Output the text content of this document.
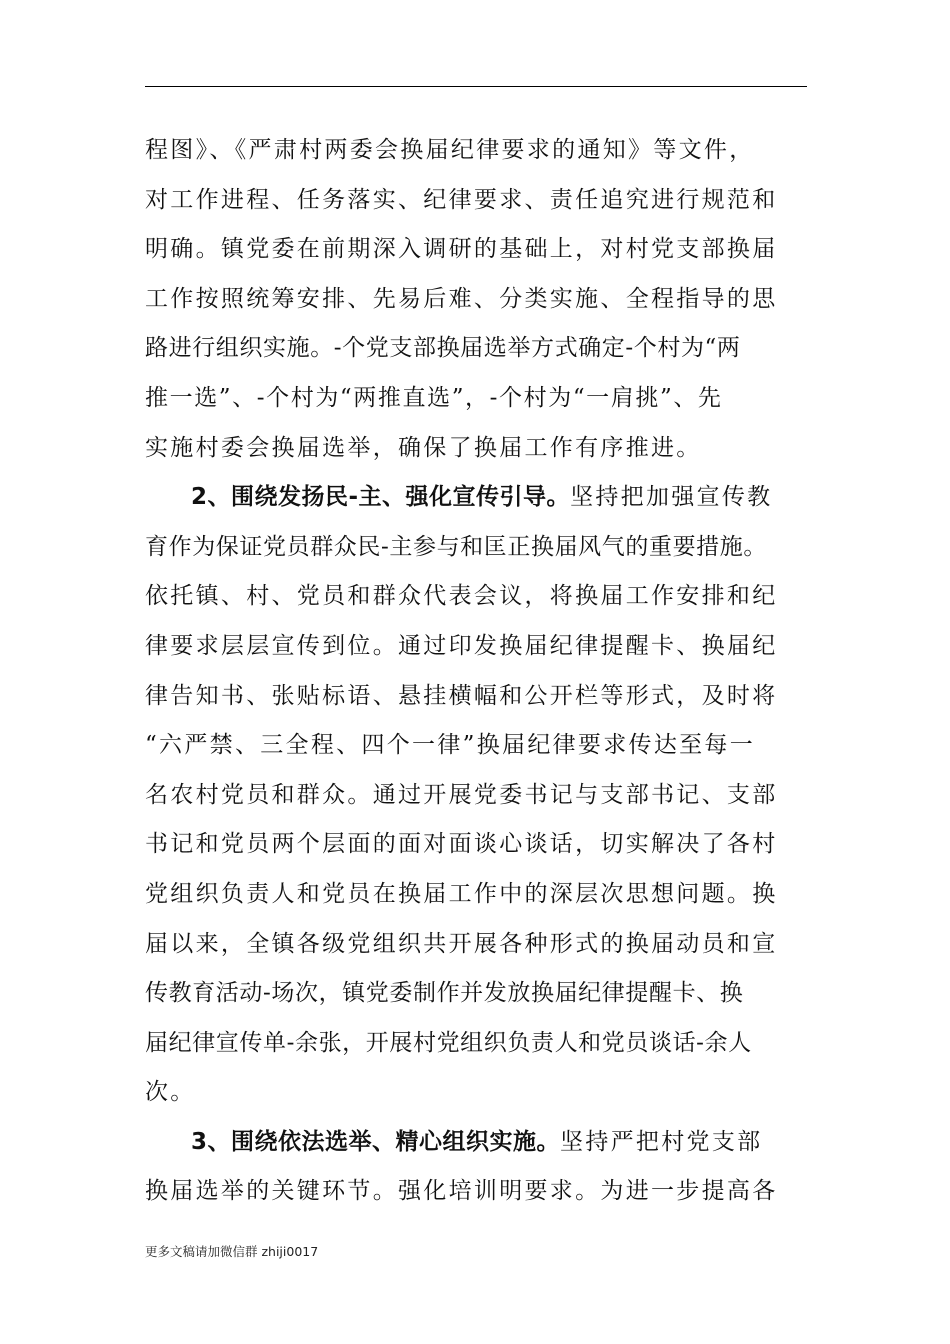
程图》、《严肃村两委会换届纪律要求的通知》等文件，
对工作进程、任务落实、纪律要求、责任追究进行规范和
明确。镇党委在前期深入调研的基础上，对村党支部换届
工作按照统筹安排、先易后难、分类实施、全程指导的思
路进行组织实施。-个党支部换届选举方式确定-个村为“两
推一选”、-个村为“两推直选”，-个村为“一肩挑”、先
实施村委会换届选举，确保了换届工作有序推进。
2、围绕发扬民-主、强化宣传引导。坚持把加强宣传教
育作为保证党员群众民-主参与和匡正换届风气的重要措施。
依托镇、村、党员和群众代表会议，将换届工作安排和纪
律要求层层宣传到位。通过印发换届纪律提醒卡、换届纪
律告知书、张贴标语、悬挂横幅和公开栏等形式，及时将
“六严禁、三全程、四个一律”换届纪律要求传达至每一
名农村党员和群众。通过开展党委书记与支部书记、支部
书记和党员两个层面的面对面谈心谈话，切实解决了各村
党组织负责人和党员在换届工作中的深层次思想问题。换
届以来，全镇各级党组织共开展各种形式的换届动员和宣
传教育活动-场次，镇党委制作并发放换届纪律提醒卡、换
届纪律宣传单-余张，开展村党组织负责人和党员谈话-余人
次。
3、围绕依法选举、精心组织实施。坚持严把村党支部
换届选举的关键环节。强化培训明要求。为进一步提高各
更多文稿请加微信群 zhiji0017
